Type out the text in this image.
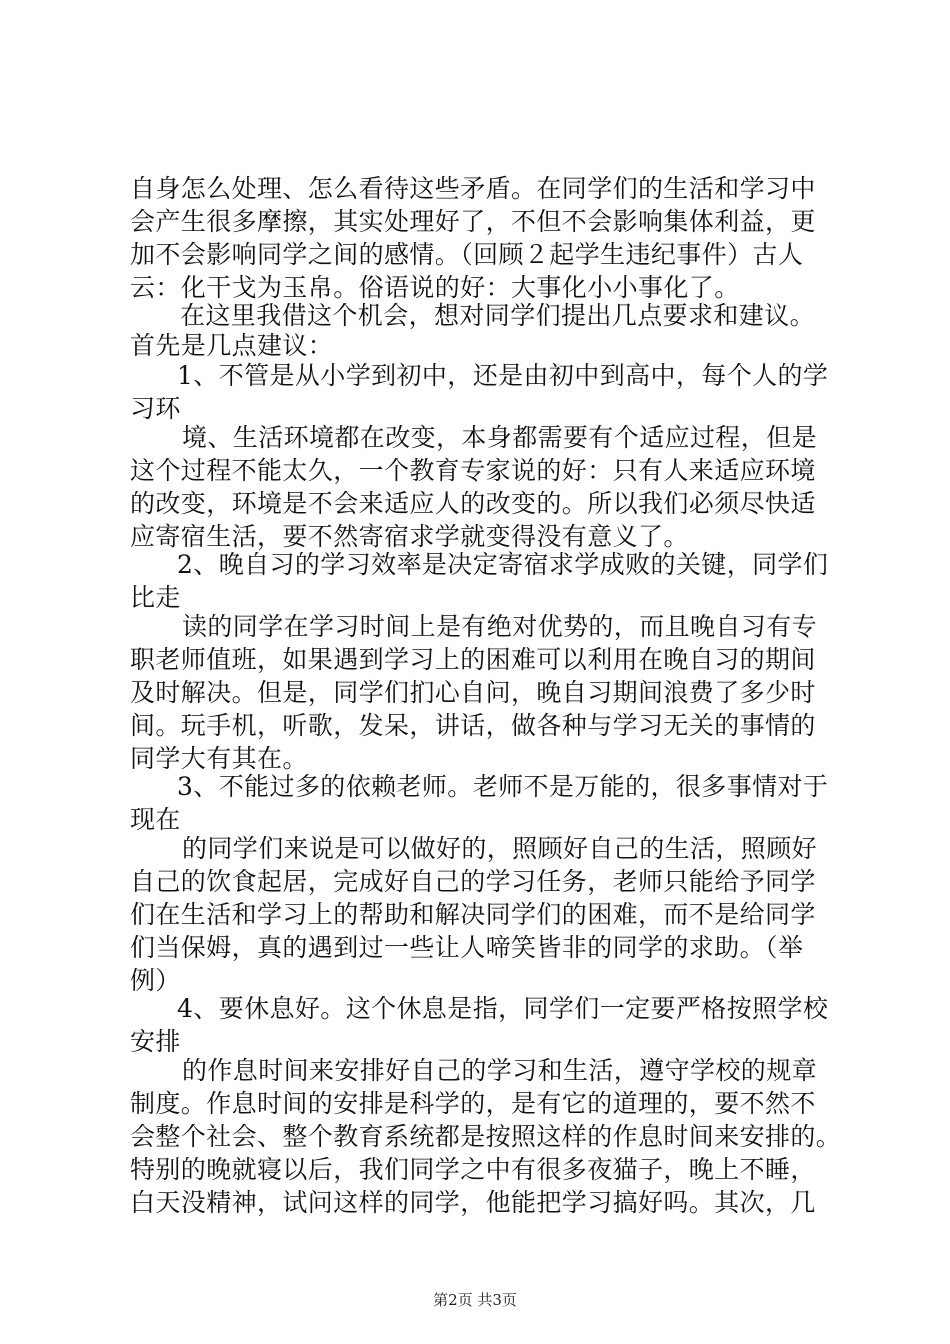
自身怎么处理、怎么看待这些矛盾。在同学们的生活和学习中
会产生很多摩擦，其实处理好了，不但不会影响集体利益，更
加不会影响同学之间的感情。（回顾２起学生违纪事件）古人
云：化干戈为玉帛。俗语说的好：大事化小小事化了。
在这里我借这个机会，想对同学们提出几点要求和建议。
首先是几点建议：
1、不管是从小学到初中，还是由初中到高中，每个人的学
习环
境、生活环境都在改变，本身都需要有个适应过程，但是
这个过程不能太久，一个教育专家说的好：只有人来适应环境
的改变，环境是不会来适应人的改变的。所以我们必须尽快适
应寄宿生活，要不然寄宿求学就变得没有意义了。
2、晚自习的学习效率是决定寄宿求学成败的关键，同学们
比走
读的同学在学习时间上是有绝对优势的，而且晚自习有专
职老师值班，如果遇到学习上的困难可以利用在晚自习的期间
及时解决。但是，同学们扪心自问，晚自习期间浪费了多少时
间。玩手机，听歌，发呆，讲话，做各种与学习无关的事情的
同学大有其在。
3、不能过多的依赖老师。老师不是万能的，很多事情对于
现在
的同学们来说是可以做好的，照顾好自己的生活，照顾好
自己的饮食起居，完成好自己的学习任务，老师只能给予同学
们在生活和学习上的帮助和解决同学们的困难，而不是给同学
们当保姆，真的遇到过一些让人啼笑皆非的同学的求助。（举
例）
4、要休息好。这个休息是指，同学们一定要严格按照学校
安排
的作息时间来安排好自己的学习和生活，遵守学校的规章
制度。作息时间的安排是科学的，是有它的道理的，要不然不
会整个社会、整个教育系统都是按照这样的作息时间来安排的。
特别的晚就寝以后，我们同学之中有很多夜猫子，晚上不睡，
白天没精神，试问这样的同学，他能把学习搞好吗。其次，几
第2页 共3页
